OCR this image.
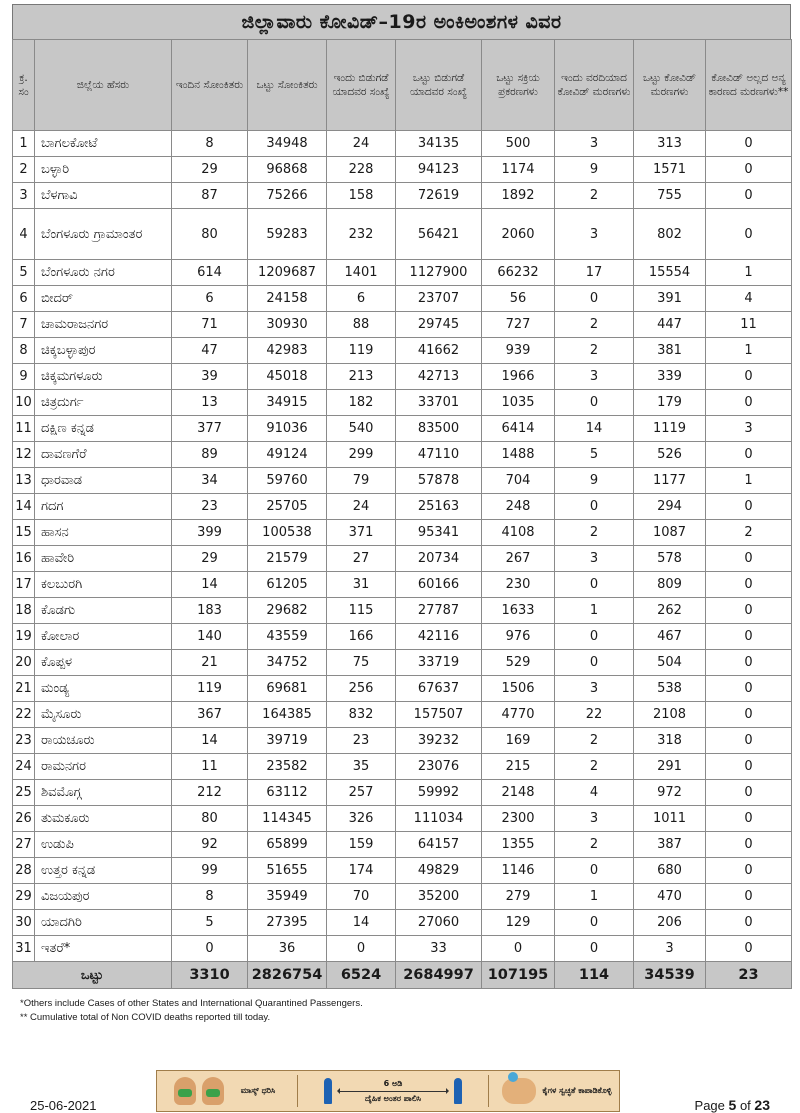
ಜಿಲ್ಲಾವಾರು ಕೋವಿಡ್–19ರ ಅಂಕಿಅಂಶಗಳ ವಿವರ
ಕ್ರ. ಸಂ	ಜಿಲ್ಲೆಯ ಹೆಸರು	ಇಂದಿನ ಸೋಂಕಿತರು	ಒಟ್ಟು ಸೋಂಕಿತರು	ಇಂದು ಬಿಡುಗಡೆ ಯಾದವರ ಸಂಖ್ಯೆ	ಒಟ್ಟು ಬಿಡುಗಡೆ ಯಾದವರ ಸಂಖ್ಯೆ	ಒಟ್ಟು ಸಕ್ರಿಯ ಪ್ರಕರಣಗಳು	ಇಂದು ವರದಿಯಾದ ಕೋವಿಡ್ ಮರಣಗಳು	ಒಟ್ಟು ಕೋವಿಡ್ ಮರಣಗಳು	ಕೋವಿಡ್ ಅಲ್ಲದ ಅನ್ಯ ಕಾರಣದ ಮರಣಗಳು**
1	ಬಾಗಲಕೋಟೆ	8	34948	24	34135	500	3	313	0
2	ಬಳ್ಳಾರಿ	29	96868	228	94123	1174	9	1571	0
3	ಬೆಳಗಾವಿ	87	75266	158	72619	1892	2	755	0
4	ಬೆಂಗಳೂರು ಗ್ರಾಮಾಂತರ	80	59283	232	56421	2060	3	802	0
5	ಬೆಂಗಳೂರು ನಗರ	614	1209687	1401	1127900	66232	17	15554	1
6	ಬೀದರ್	6	24158	6	23707	56	0	391	4
7	ಚಾಮರಾಜನಗರ	71	30930	88	29745	727	2	447	11
8	ಚಿಕ್ಕಬಳ್ಳಾಪುರ	47	42983	119	41662	939	2	381	1
9	ಚಿಕ್ಕಮಗಳೂರು	39	45018	213	42713	1966	3	339	0
10	ಚಿತ್ರದುರ್ಗ	13	34915	182	33701	1035	0	179	0
11	ದಕ್ಷಿಣ ಕನ್ನಡ	377	91036	540	83500	6414	14	1119	3
12	ದಾವಣಗೆರೆ	89	49124	299	47110	1488	5	526	0
13	ಧಾರವಾಡ	34	59760	79	57878	704	9	1177	1
14	ಗದಗ	23	25705	24	25163	248	0	294	0
15	ಹಾಸನ	399	100538	371	95341	4108	2	1087	2
16	ಹಾವೇರಿ	29	21579	27	20734	267	3	578	0
17	ಕಲಬುರಗಿ	14	61205	31	60166	230	0	809	0
18	ಕೊಡಗು	183	29682	115	27787	1633	1	262	0
19	ಕೋಲಾರ	140	43559	166	42116	976	0	467	0
20	ಕೊಪ್ಪಳ	21	34752	75	33719	529	0	504	0
21	ಮಂಡ್ಯ	119	69681	256	67637	1506	3	538	0
22	ಮೈಸೂರು	367	164385	832	157507	4770	22	2108	0
23	ರಾಯಚೂರು	14	39719	23	39232	169	2	318	0
24	ರಾಮನಗರ	11	23582	35	23076	215	2	291	0
25	ಶಿವಮೊಗ್ಗ	212	63112	257	59992	2148	4	972	0
26	ತುಮಕೂರು	80	114345	326	111034	2300	3	1011	0
27	ಉಡುಪಿ	92	65899	159	64157	1355	2	387	0
28	ಉತ್ತರ ಕನ್ನಡ	99	51655	174	49829	1146	0	680	0
29	ವಿಜಯಪುರ	8	35949	70	35200	279	1	470	0
30	ಯಾದಗಿರಿ	5	27395	14	27060	129	0	206	0
31	ಇತರೆ*	0	36	0	33	0	0	3	0
ಒಟ್ಟು		3310	2826754	6524	2684997	107195	114	34539	23
*Others include Cases of other States and International Quarantined Passengers.
** Cumulative total of Non COVID deaths reported till today.
ಮಾಸ್ಕ್ ಧರಿಸಿ
6 ಅಡಿ
ದೈಹಿಕ ಅಂತರ ಪಾಲಿಸಿ
ಕೈಗಳ ಸ್ವಚ್ಛತೆ ಕಾಪಾಡಿಕೊಳ್ಳಿ
25-06-2021	Page 5 of 23
